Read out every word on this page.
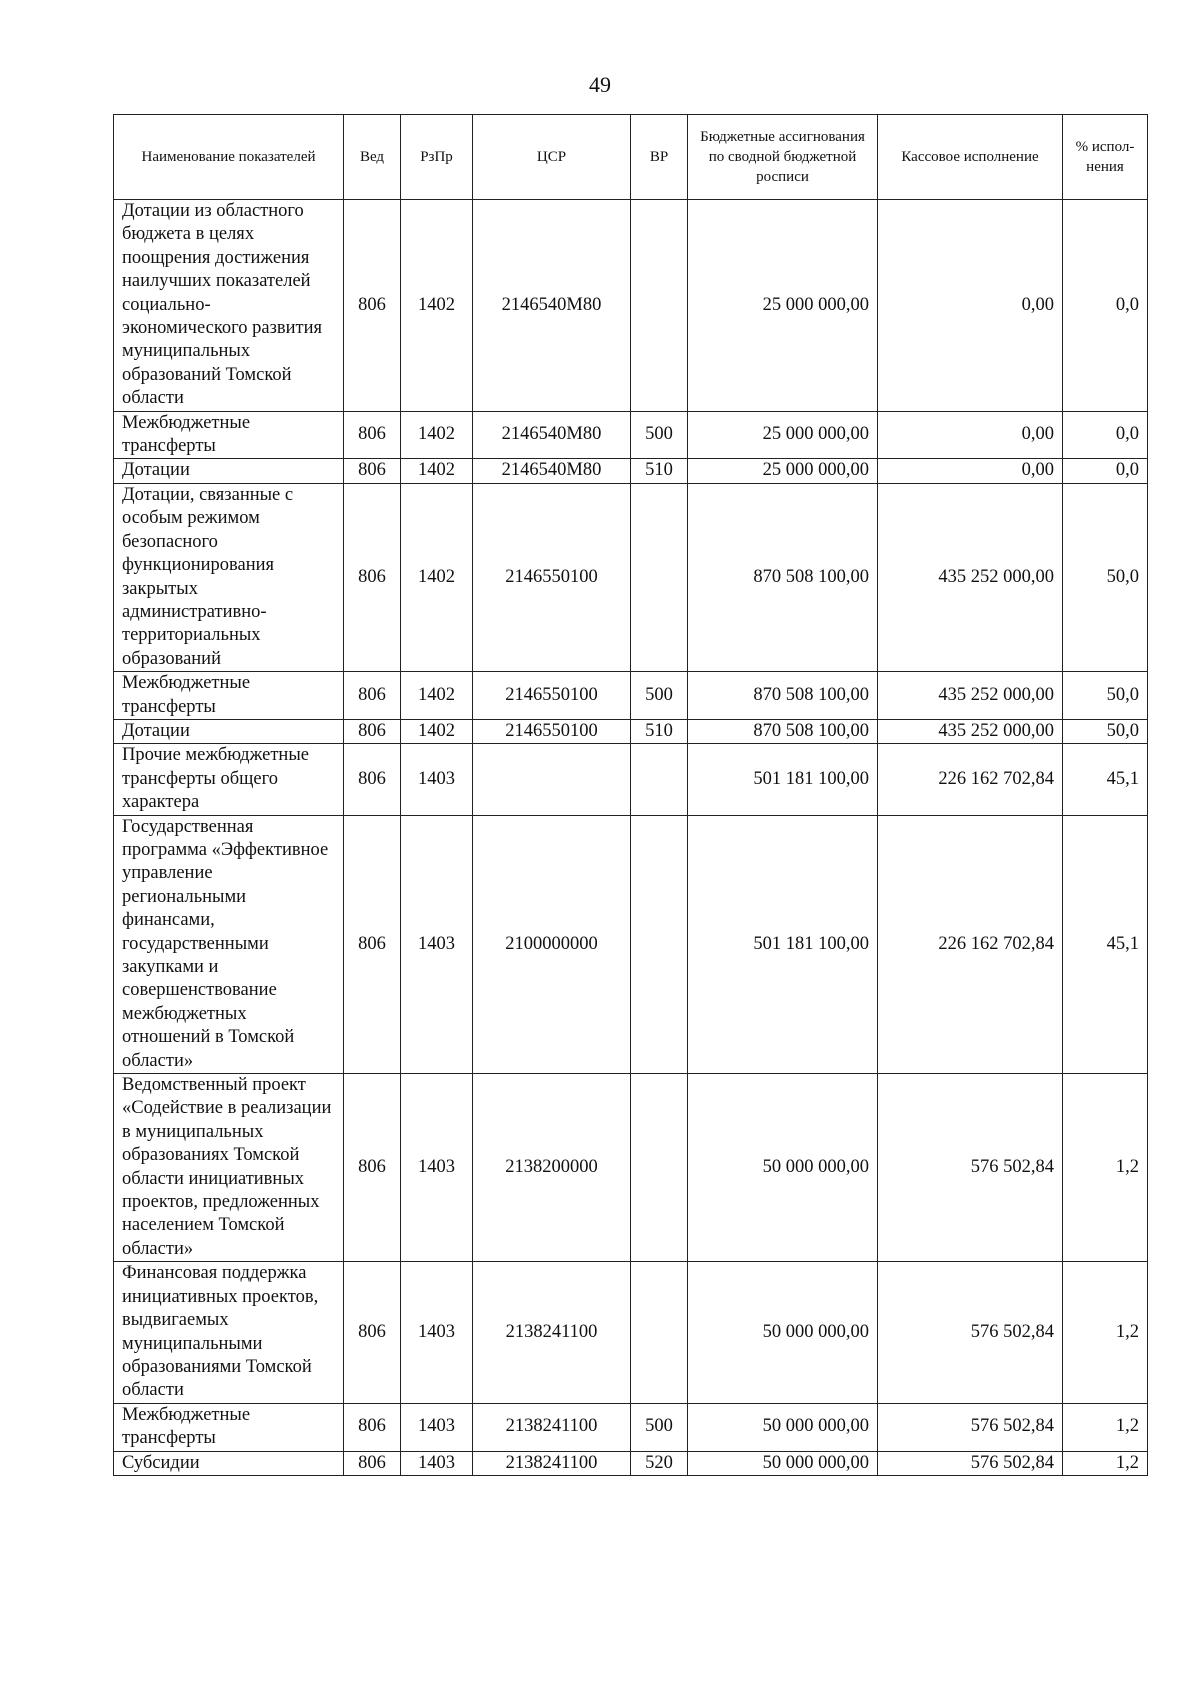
49
Наименование показателей	Вед	РзПр	ЦСР	ВР	Бюджетные ассигнования по сводной бюджетной росписи	Кассовое исполнение	% испол-нения
Дотации из областного бюджета в целях поощрения достижения наилучших показателей социально-экономического развития муниципальных образований Томской области	806	1402	2146540М80		25 000 000,00	0,00	0,0
Межбюджетные трансферты	806	1402	2146540М80	500	25 000 000,00	0,00	0,0
Дотации	806	1402	2146540М80	510	25 000 000,00	0,00	0,0
Дотации, связанные с особым режимом безопасного функционирования закрытых административно-территориальных образований	806	1402	2146550100		870 508 100,00	435 252 000,00	50,0
Межбюджетные трансферты	806	1402	2146550100	500	870 508 100,00	435 252 000,00	50,0
Дотации	806	1402	2146550100	510	870 508 100,00	435 252 000,00	50,0
Прочие межбюджетные трансферты общего характера	806	1403			501 181 100,00	226 162 702,84	45,1
Государственная программа «Эффективное управление региональными финансами, государственными закупками и совершенствование межбюджетных отношений в Томской области»	806	1403	2100000000		501 181 100,00	226 162 702,84	45,1
Ведомственный проект «Содействие в реализации в муниципальных образованиях Томской области инициативных проектов, предложенных населением Томской области»	806	1403	2138200000		50 000 000,00	576 502,84	1,2
Финансовая поддержка инициативных проектов, выдвигаемых муниципальными образованиями Томской области	806	1403	2138241100		50 000 000,00	576 502,84	1,2
Межбюджетные трансферты	806	1403	2138241100	500	50 000 000,00	576 502,84	1,2
Субсидии	806	1403	2138241100	520	50 000 000,00	576 502,84	1,2
